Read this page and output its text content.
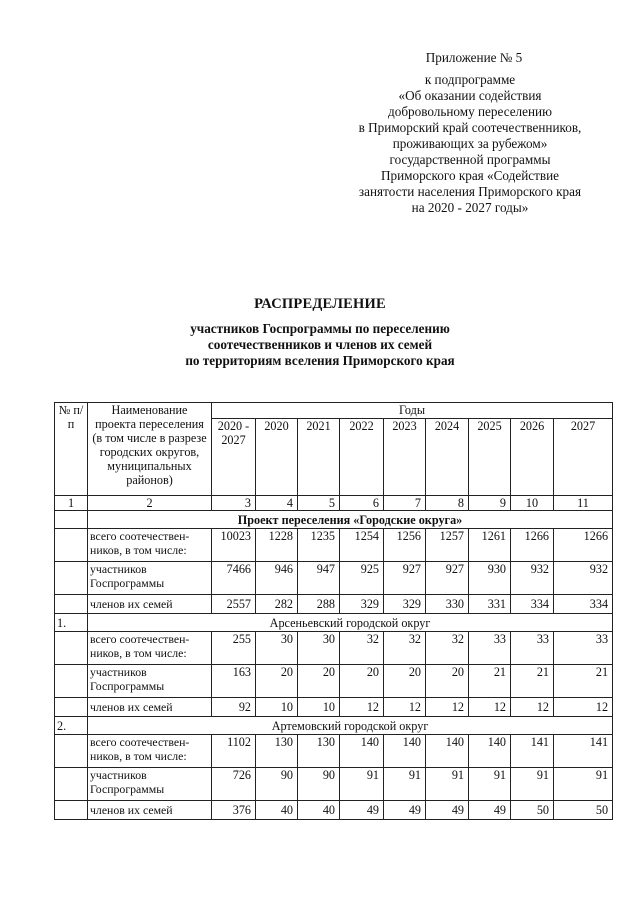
Приложение № 5
к подпрограмме
«Об оказании содействия
добровольному переселению
в Приморский край соотечественников,
проживающих за рубежом»
государственной программы
Приморского края «Содействие
занятости населения Приморского края
на 2020 - 2027 годы»
РАСПРЕДЕЛЕНИЕ
участников Госпрограммы по переселению
соотечественников и членов их семей
по территориям вселения Приморского края
№ п/п	Наименование проекта переселения (в том числе в разрезе городских округов, муниципальных районов)	Годы								
		2020 - 2027	2020	2021	2022	2023	2024	2025	2026	2027
1	2	3	4	5	6	7	8	9	10	11
	Проект переселения «Городские округа»									
	всего соотечествен-ников, в том числе:	10023	1228	1235	1254	1256	1257	1261	1266	1266
	участников Госпрограммы	7466	946	947	925	927	927	930	932	932
	членов их семей	2557	282	288	329	329	330	331	334	334
1.	Арсеньевский городской округ									
	всего соотечествен-ников, в том числе:	255	30	30	32	32	32	33	33	33
	участников Госпрограммы	163	20	20	20	20	20	21	21	21
	членов их семей	92	10	10	12	12	12	12	12	12
2.	Артемовский городской округ									
	всего соотечествен-ников, в том числе:	1102	130	130	140	140	140	140	141	141
	участников Госпрограммы	726	90	90	91	91	91	91	91	91
	членов их семей	376	40	40	49	49	49	49	50	50
